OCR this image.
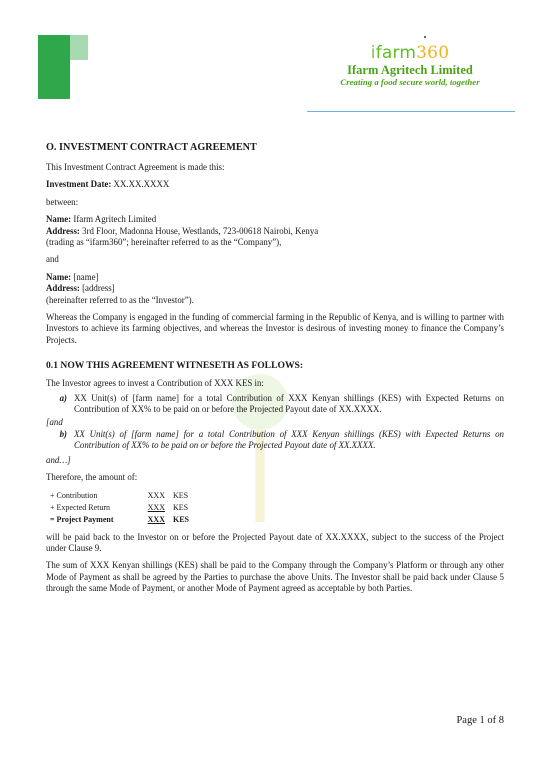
ifarm360
Ifarm Agritech Limited
Creating a food secure world, together
O. INVESTMENT CONTRACT AGREEMENT

This Investment Contract Agreement is made this:

Investment Date: XX.XX.XXXX

between:

Name: Ifarm Agritech Limited

Address: 3rd Floor, Madonna House, Westlands, 723-00618 Nairobi, Kenya

(trading as “ifarm360”; hereinafter referred to as the “Company”),

and

Name: [name]

Address: [address]

(hereinafter referred to as the “Investor”).

Whereas the Company is engaged in the funding of commercial farming in the Republic of Kenya, and is willing to partner with Investors to achieve its farming objectives, and whereas the Investor is desirous of investing money to finance the Company’s Projects.

0.1 NOW THIS AGREEMENT WITNESETH AS FOLLOWS:

The Investor agrees to invest a Contribution of XXX KES in:

a) XX Unit(s) of [farm name] for a total Contribution of XXX Kenyan shillings (KES) with Expected Returns on Contribution of XX% to be paid on or before the Projected Payout date of XX.XXXX.

[and

b) XX Unit(s) of [farm name] for a total Contribution of XXX Kenyan shillings (KES) with Expected Returns on Contribution of XX% to be paid on or before the Projected Payout date of XX.XXXX.

and…]

Therefore, the amount of:

+ Contribution	XXX	KES
+ Expected Return	XXX	KES
= Project Payment	XXX	KES

will be paid back to the Investor on or before the Projected Payout date of XX.XXXX, subject to the success of the Project under Clause 9.

The sum of XXX Kenyan shillings (KES) shall be paid to the Company through the Company’s Platform or through any other Mode of Payment as shall be agreed by the Parties to purchase the above Units. The Investor shall be paid back under Clause 5 through the same Mode of Payment, or another Mode of Payment agreed as acceptable by both Parties.

Page 1 of 8
